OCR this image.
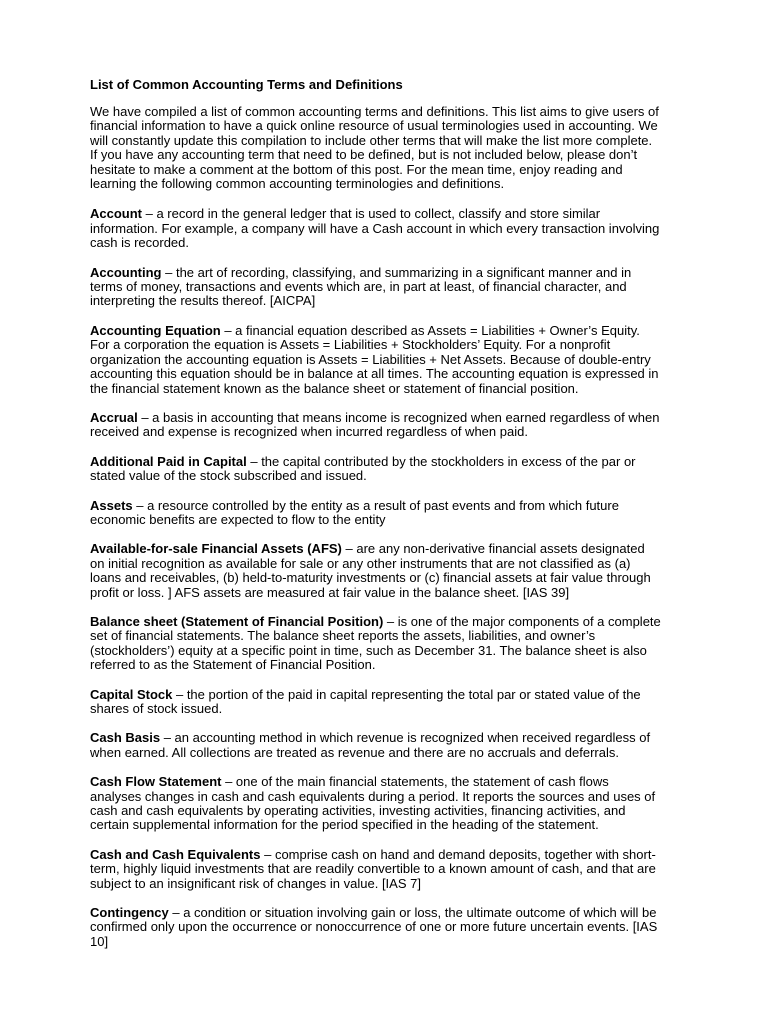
List of Common Accounting Terms and Definitions
We have compiled a list of common accounting terms and definitions. This list aims to give users of financial information to have a quick online resource of usual terminologies used in accounting. We will constantly update this compilation to include other terms that will make the list more complete. If you have any accounting term that need to be defined, but is not included below, please don’t hesitate to make a comment at the bottom of this post. For the mean time, enjoy reading and learning the following common accounting terminologies and definitions.
Account – a record in the general ledger that is used to collect, classify and store similar information. For example, a company will have a Cash account in which every transaction involving cash is recorded.
Accounting – the art of recording, classifying, and summarizing in a significant manner and in terms of money, transactions and events which are, in part at least, of financial character, and interpreting the results thereof. [AICPA]
Accounting Equation – a financial equation described as Assets = Liabilities + Owner’s Equity. For a corporation the equation is Assets = Liabilities + Stockholders’ Equity. For a nonprofit organization the accounting equation is Assets = Liabilities + Net Assets. Because of double-entry accounting this equation should be in balance at all times. The accounting equation is expressed in the financial statement known as the balance sheet or statement of financial position.
Accrual – a basis in accounting that means income is recognized when earned regardless of when received and expense is recognized when incurred regardless of when paid.
Additional Paid in Capital – the capital contributed by the stockholders in excess of the par or stated value of the stock subscribed and issued.
Assets – a resource controlled by the entity as a result of past events and from which future economic benefits are expected to flow to the entity
Available-for-sale Financial Assets (AFS) – are any non-derivative financial assets designated on initial recognition as available for sale or any other instruments that are not classified as (a) loans and receivables, (b) held-to-maturity investments or (c) financial assets at fair value through profit or loss. ] AFS assets are measured at fair value in the balance sheet. [IAS 39]
Balance sheet (Statement of Financial Position) – is one of the major components of a complete set of financial statements. The balance sheet reports the assets, liabilities, and owner’s (stockholders’) equity at a specific point in time, such as December 31. The balance sheet is also referred to as the Statement of Financial Position.
Capital Stock – the portion of the paid in capital representing the total par or stated value of the shares of stock issued.
Cash Basis – an accounting method in which revenue is recognized when received regardless of when earned. All collections are treated as revenue and there are no accruals and deferrals.
Cash Flow Statement – one of the main financial statements, the statement of cash flows analyses changes in cash and cash equivalents during a period. It reports the sources and uses of cash and cash equivalents by operating activities, investing activities, financing activities, and certain supplemental information for the period specified in the heading of the statement.
Cash and Cash Equivalents – comprise cash on hand and demand deposits, together with short-term, highly liquid investments that are readily convertible to a known amount of cash, and that are subject to an insignificant risk of changes in value. [IAS 7]
Contingency – a condition or situation involving gain or loss, the ultimate outcome of which will be confirmed only upon the occurrence or nonoccurrence of one or more future uncertain events. [IAS 10]
